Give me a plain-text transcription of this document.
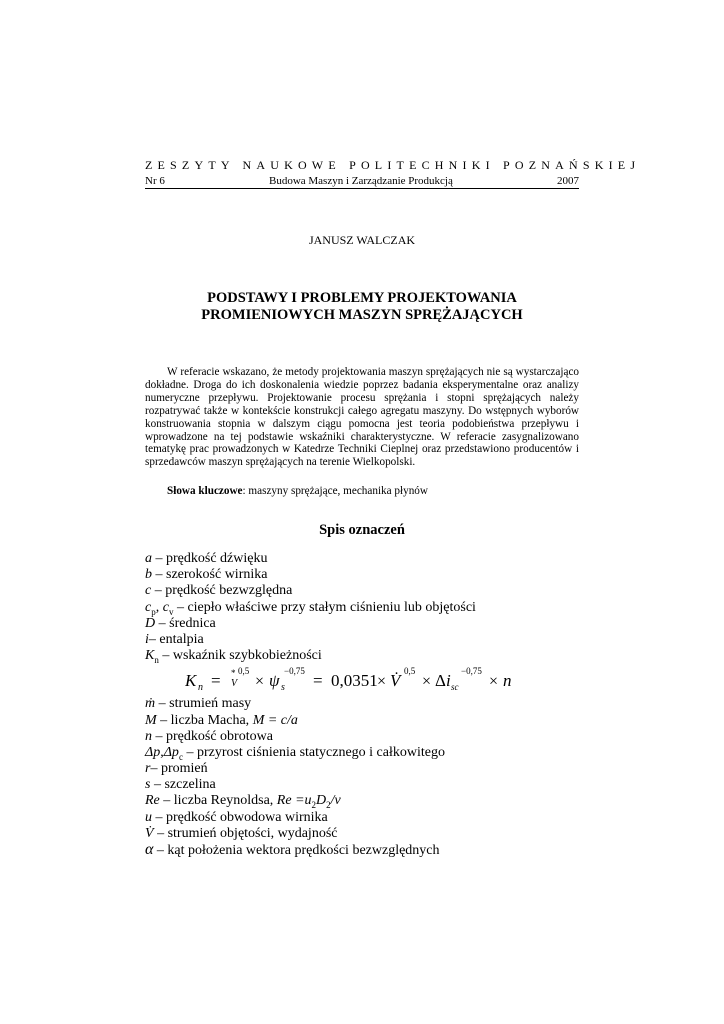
ZESZYTY NAUKOWE POLITECHNIKI POZNAŃSKIEJ
Nr 6	Budowa Maszyn i Zarządzanie Produkcją	2007
JANUSZ WALCZAK
PODSTAWY I PROBLEMY PROJEKTOWANIA
PROMIENIOWYCH MASZYN SPRĘŻAJĄCYCH
W referacie wskazano, że metody projektowania maszyn sprężających nie są wystarczająco dokładne. Droga do ich doskonalenia wiedzie poprzez badania eksperymentalne oraz analizy numeryczne przepływu. Projektowanie procesu sprężania i stopni sprężających należy rozpatrywać także w kontekście konstrukcji całego agregatu maszyny. Do wstępnych wyborów konstruowania stopnia w dalszym ciągu pomocna jest teoria podobieństwa przepływu i wprowadzone na tej podstawie wskaźniki charakterystyczne. W referacie zasygnalizowano tematykę prac prowadzonych w Katedrze Techniki Cieplnej oraz przedstawiono producentów i sprzedawców maszyn sprężających na terenie Wielkopolski.
Słowa kluczowe: maszyny sprężające, mechanika płynów
Spis oznaczeń
a – prędkość dźwięku
b – szerokość wirnika
c – prędkość bezwzględna
$c_p$, $c_v$ – ciepło właściwe przy stałym ciśnieniu lub objętości
D – średnica
i– entalpia
$K_n$ – wskaźnik szybkobieżności
K n = * 0,5
V × ψ s
−0,75 = 0,0351 × V̇ 0,5
× Δ i sc
−0,75
× n
ṁ – strumień masy
M – liczba Macha, M = c/a
n – prędkość obrotowa
$\Delta p,\Delta p_c$ – przyrost ciśnienia statycznego i całkowitego
r– promień
s – szczelina
Re – liczba Reynoldsa, $Re =u_2D_2/\nu$
u – prędkość obwodowa wirnika
V̇ – strumień objętości, wydajność
α – kąt położenia wektora prędkości bezwzględnych
